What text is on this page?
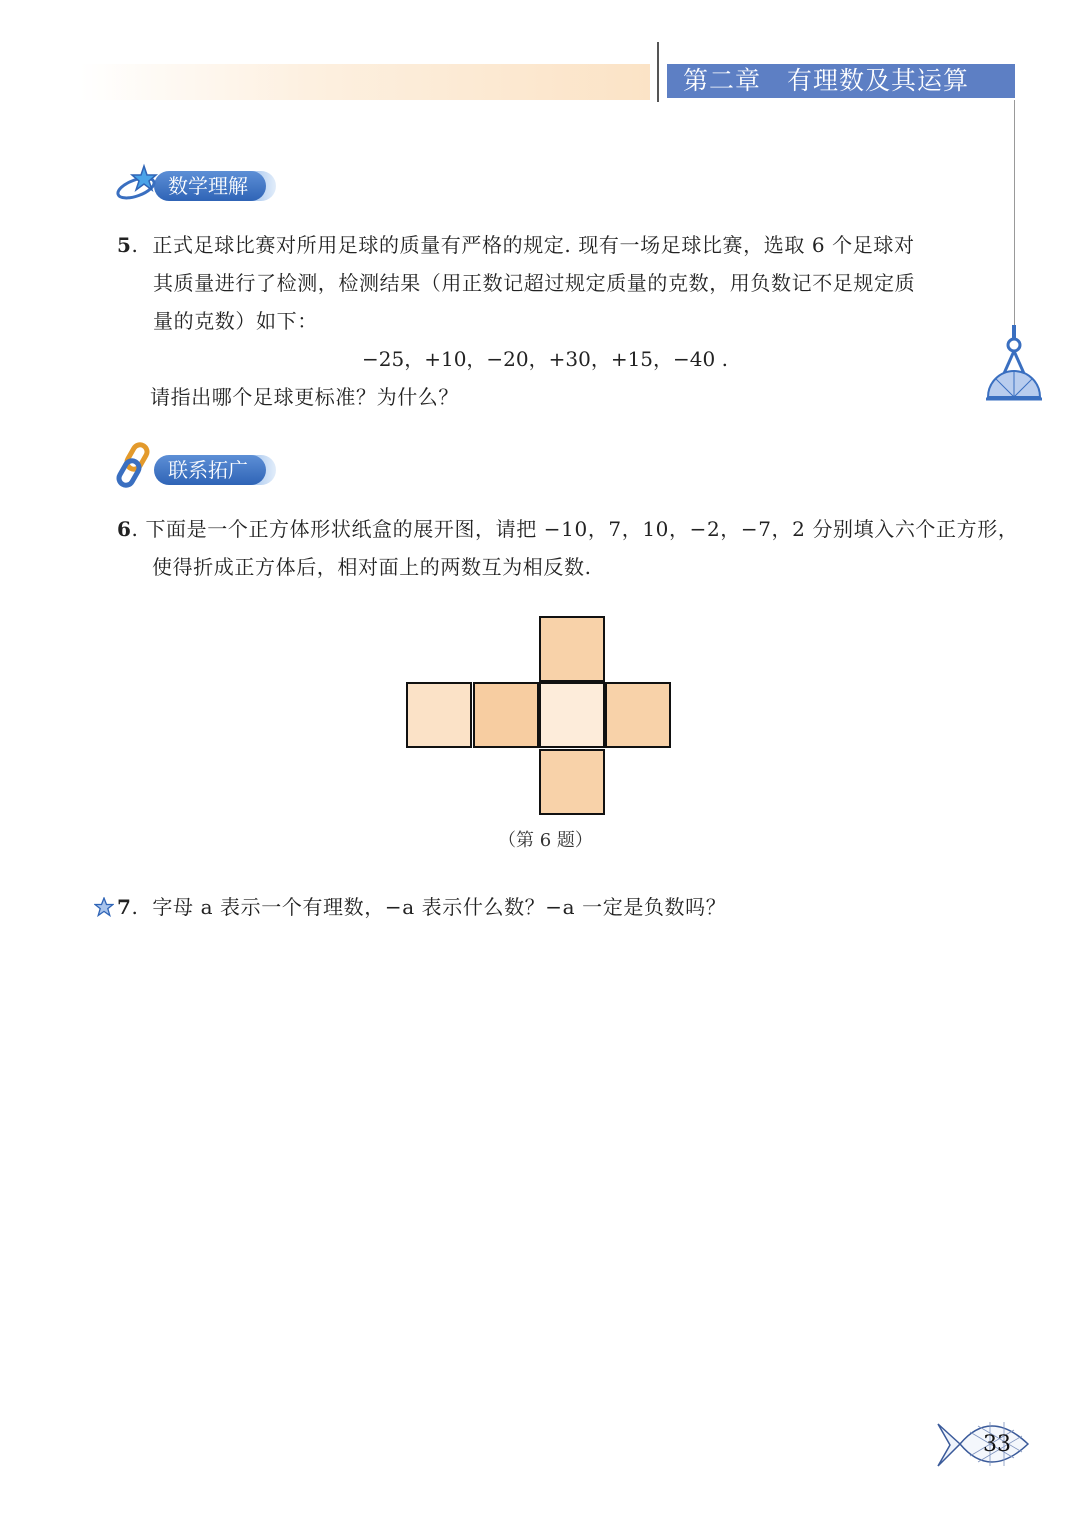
第二章 有理数及其运算
数学理解
5.  正式足球比赛对所用足球的质量有严格的规定. 现有一场足球比赛，选取 6 个足球对
其质量进行了检测，检测结果（用正数记超过规定质量的克数，用负数记不足规定质
量的克数）如下：
−25，+10，−20，+30，+15，−40 .
请指出哪个足球更标准？为什么？
联系拓广
6. 下面是一个正方体形状纸盒的展开图，请把 −10，7，10，−2，−7，2 分别填入六个正方形，
使得折成正方体后，相对面上的两数互为相反数.
（第 6 题）
7.  字母 a 表示一个有理数，−a 表示什么数？−a 一定是负数吗？
33
